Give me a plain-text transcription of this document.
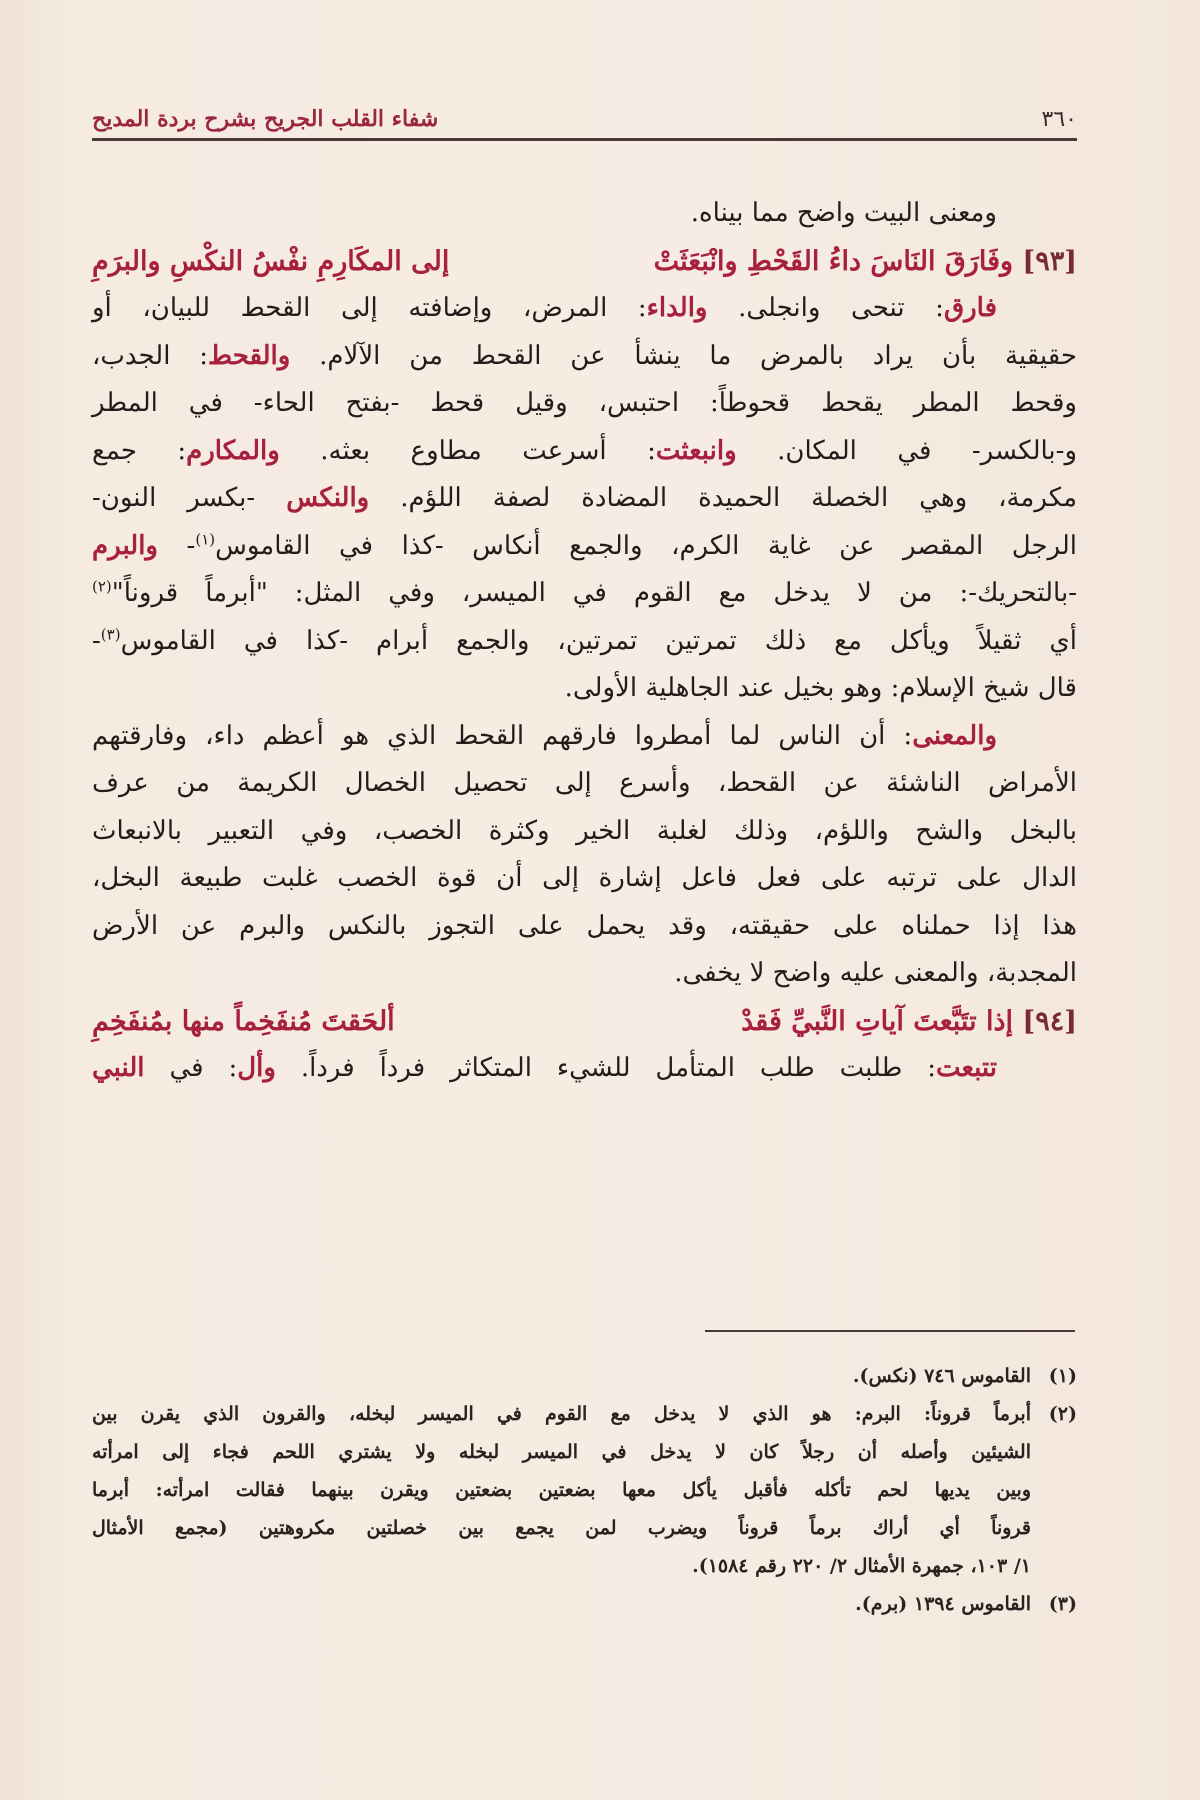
٣٦٠
شفاء القلب الجريح بشرح بردة المديح
ومعنى البيت واضح مما بيناه.
[٩٣] وفَارَقَ النَاسَ داءُ القَحْطِ وانْبَعَثَتْ
إلى المكَارِمِ نفْسُ النكْسِ والبرَمِ
فارق: تنحى وانجلى. والداء: المرض، وإضافته إلى القحط للبيان، أو
حقيقية بأن يراد بالمرض ما ينشأ عن القحط من الآلام. والقحط: الجدب،
وقحط المطر يقحط قحوطاً: احتبس، وقيل قحط -بفتح الحاء- في المطر
و-بالكسر- في المكان. وانبعثت: أسرعت مطاوع بعثه. والمكارم: جمع
مكرمة، وهي الخصلة الحميدة المضادة لصفة اللؤم. والنكس -بكسر النون-
الرجل المقصر عن غاية الكرم، والجمع أنكاس -كذا في القاموس$^{(١)}$- والبرم
-بالتحريك-: من لا يدخل مع القوم في الميسر، وفي المثل: "أبرماً قروناً"$^{(٢)}$
أي ثقيلاً ويأكل مع ذلك تمرتين تمرتين، والجمع أبرام -كذا في القاموس$^{(٣)}$-
قال شيخ الإسلام: وهو بخيل عند الجاهلية الأولى.
والمعنى: أن الناس لما أمطروا فارقهم القحط الذي هو أعظم داء، وفارقتهم
الأمراض الناشئة عن القحط، وأسرع إلى تحصيل الخصال الكريمة من عرف
بالبخل والشح واللؤم، وذلك لغلبة الخير وكثرة الخصب، وفي التعبير بالانبعاث
الدال على ترتبه على فعل فاعل إشارة إلى أن قوة الخصب غلبت طبيعة البخل،
هذا إذا حملناه على حقيقته، وقد يحمل على التجوز بالنكس والبرم عن الأرض
المجدبة، والمعنى عليه واضح لا يخفى.
[٩٤] إذا تتَبَّعتَ آياتِ النَّبيِّ فَقدْ
ألحَقتَ مُنفَخِماً منها بمُنفَخِمِ
تتبعت: طلبت طلب المتأمل للشيء المتكاثر فرداً فرداً. وأل: في النبي
(١)
القاموس ٧٤٦ (نكس).
(٢)
أبرماً قروناً: البرم: هو الذي لا يدخل مع القوم في الميسر لبخله، والقرون الذي يقرن بين
الشيئين وأصله أن رجلاً كان لا يدخل في الميسر لبخله ولا يشتري اللحم فجاء إلى امرأته
وبين يديها لحم تأكله فأقبل يأكل معها بضعتين بضعتين ويقرن بينهما فقالت امرأته: أبرما
قروناً أي أراك برماً قروناً ويضرب لمن يجمع بين خصلتين مكروهتين (مجمع الأمثال
١/ ١٠٣، جمهرة الأمثال ٢/ ٢٢٠ رقم ١٥٨٤).
(٣)
القاموس ١٣٩٤ (برم).
